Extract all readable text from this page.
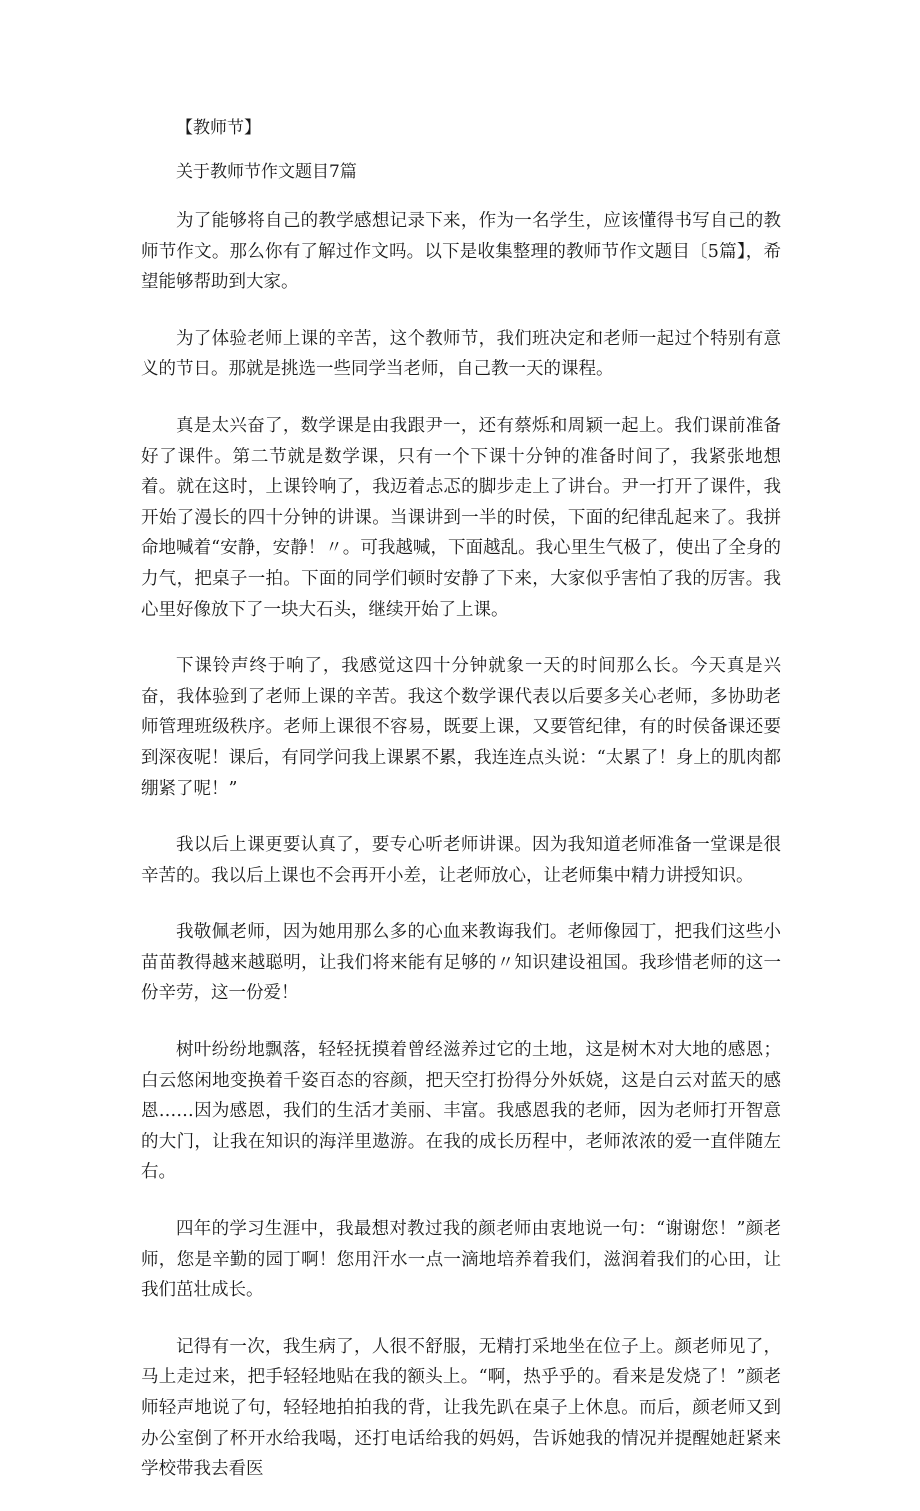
【教师节】

关于教师节作文题目7篇

为了能够将自己的教学感想记录下来，作为一名学生，应该懂得书写自己的教师节作文。那么你有了解过作文吗。以下是收集整理的教师节作文题目〔5篇】，希望能够帮助到大家。

为了体验老师上课的辛苦，这个教师节，我们班决定和老师一起过个特别有意义的节日。那就是挑选一些同学当老师，自己教一天的课程。

真是太兴奋了，数学课是由我跟尹一，还有蔡烁和周颖一起上。我们课前准备好了课件。第二节就是数学课，只有一个下课十分钟的准备时间了，我紧张地想着。就在这时，上课铃响了，我迈着忐忑的脚步走上了讲台。尹一打开了课件，我开始了漫长的四十分钟的讲课。当课讲到一半的时侯，下面的纪律乱起来了。我拼命地喊着“安静，安静！〃。可我越喊，下面越乱。我心里生气极了，使出了全身的力气，把桌子一拍。下面的同学们顿时安静了下来，大家似乎害怕了我的厉害。我心里好像放下了一块大石头，继续开始了上课。

下课铃声终于响了，我感觉这四十分钟就象一天的时间那么长。今天真是兴奋，我体验到了老师上课的辛苦。我这个数学课代表以后要多关心老师，多协助老师管理班级秩序。老师上课很不容易，既要上课，又要管纪律，有的时侯备课还要到深夜呢！课后，有同学问我上课累不累，我连连点头说：“太累了！身上的肌肉都绷紧了呢！”

我以后上课更要认真了，要专心听老师讲课。因为我知道老师准备一堂课是很辛苦的。我以后上课也不会再开小差，让老师放心，让老师集中精力讲授知识。

我敬佩老师，因为她用那么多的心血来教诲我们。老师像园丁，把我们这些小苗苗教得越来越聪明，让我们将来能有足够的〃知识建设祖国。我珍惜老师的这一份辛劳，这一份爱！

树叶纷纷地飘落，轻轻抚摸着曾经滋养过它的土地，这是树木对大地的感恩；白云悠闲地变换着千姿百态的容颜，把天空打扮得分外妖娆，这是白云对蓝天的感恩……因为感恩，我们的生活才美丽、丰富。我感恩我的老师，因为老师打开智意的大门，让我在知识的海洋里遨游。在我的成长历程中，老师浓浓的爱一直伴随左右。

四年的学习生涯中，我最想对教过我的颜老师由衷地说一句：“谢谢您！”颜老师，您是辛勤的园丁啊！您用汗水一点一滴地培养着我们，滋润着我们的心田，让我们茁壮成长。

记得有一次，我生病了，人很不舒服，无精打采地坐在位子上。颜老师见了，马上走过来，把手轻轻地贴在我的额头上。“啊，热乎乎的。看来是发烧了！”颜老师轻声地说了句，轻轻地拍拍我的背，让我先趴在桌子上休息。而后，颜老师又到办公室倒了杯开水给我喝，还打电话给我的妈妈，告诉她我的情况并提醒她赶紧来学校带我去看医
